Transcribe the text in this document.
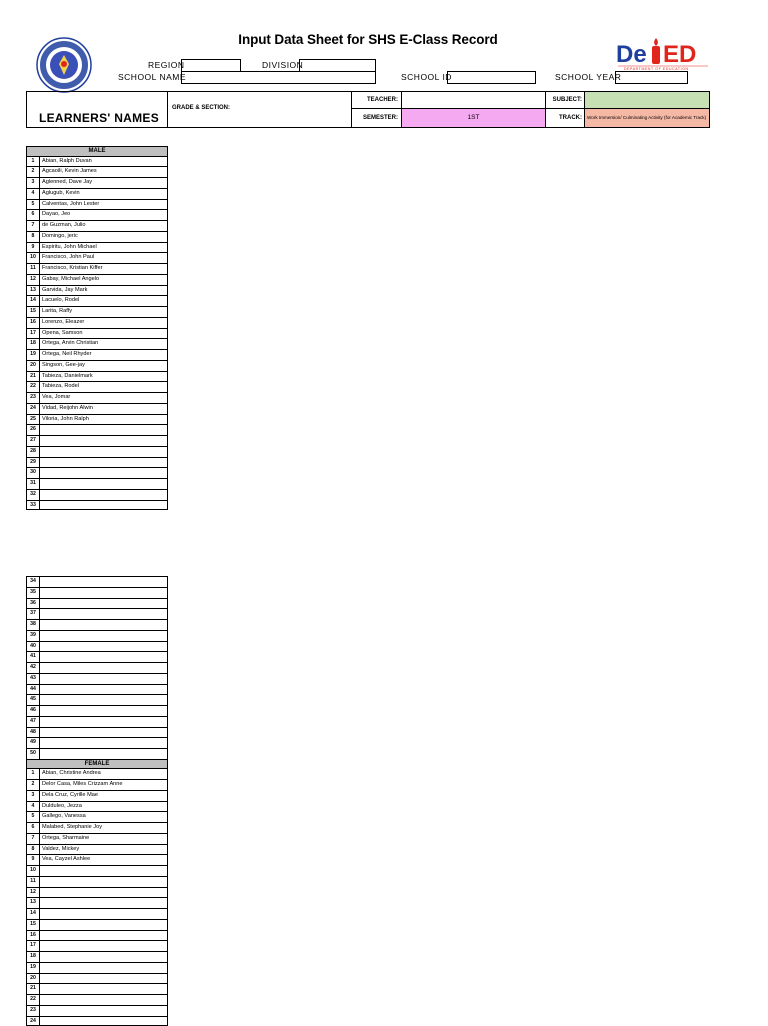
Input Data Sheet for SHS E-Class Record
De ED
DEPARTMENT OF EDUCATION
REGION	DIVISION
SCHOOL NAME	SCHOOL ID	SCHOOL YEAR
LEARNERS' NAMES
GRADE & SECTION:
TEACHER:	SUBJECT:
SEMESTER:	1ST	TRACK:	Work Immersion/ Culminating Activity (for Academic Track)
MALE
1	Abian, Ralph Duvan
2	Agcaoili, Kevin James
3	Aglenned, Dave Jay
4	Aglugub, Kevin
5	Calventas, John Lester
6	Dayao, Jeo
7	de Guzman, Julio
8	Domingo, jeric
9	Espiritu, John Michael
10	Francisco, John Paul
11	Francisco, Kristian Kiffer
12	Gabay, Michael Angelo
13	Garvida, Jay Mark
14	Lacuelo, Rodel
15	Larita, Raffy
16	Lorenzo, Eleazer
17	Opena, Samson
18	Ortega, Arvin Christian
19	Ortega, Neil Rhyder
20	Singson, Gee-jay
21	Tabieza, Danielmark
22	Tabieza, Rodel
23	Vea, Jomar
24	Vidad, Reijohn Alwin
25	Viloria, John Ralph
26
27
28
29
30
31
32
33
34
35
36
37
38
39
40
41
42
43
44
45
46
47
48
49
50
FEMALE
1	Abian, Christine Andrea
2	Delor Casa, Miles Crizzam Anne
3	Dela Cruz, Cyrille Mae
4	Dulduleo, Jezza
5	Gallego, Vanessa
6	Malabed, Stephanie Joy
7	Ortega, Sharmaine
8	Valdez, Mickey
9	Vea, Cayzel Ashlee
10
11
12
13
14
15
16
17
18
19
20
21
22
23
24
